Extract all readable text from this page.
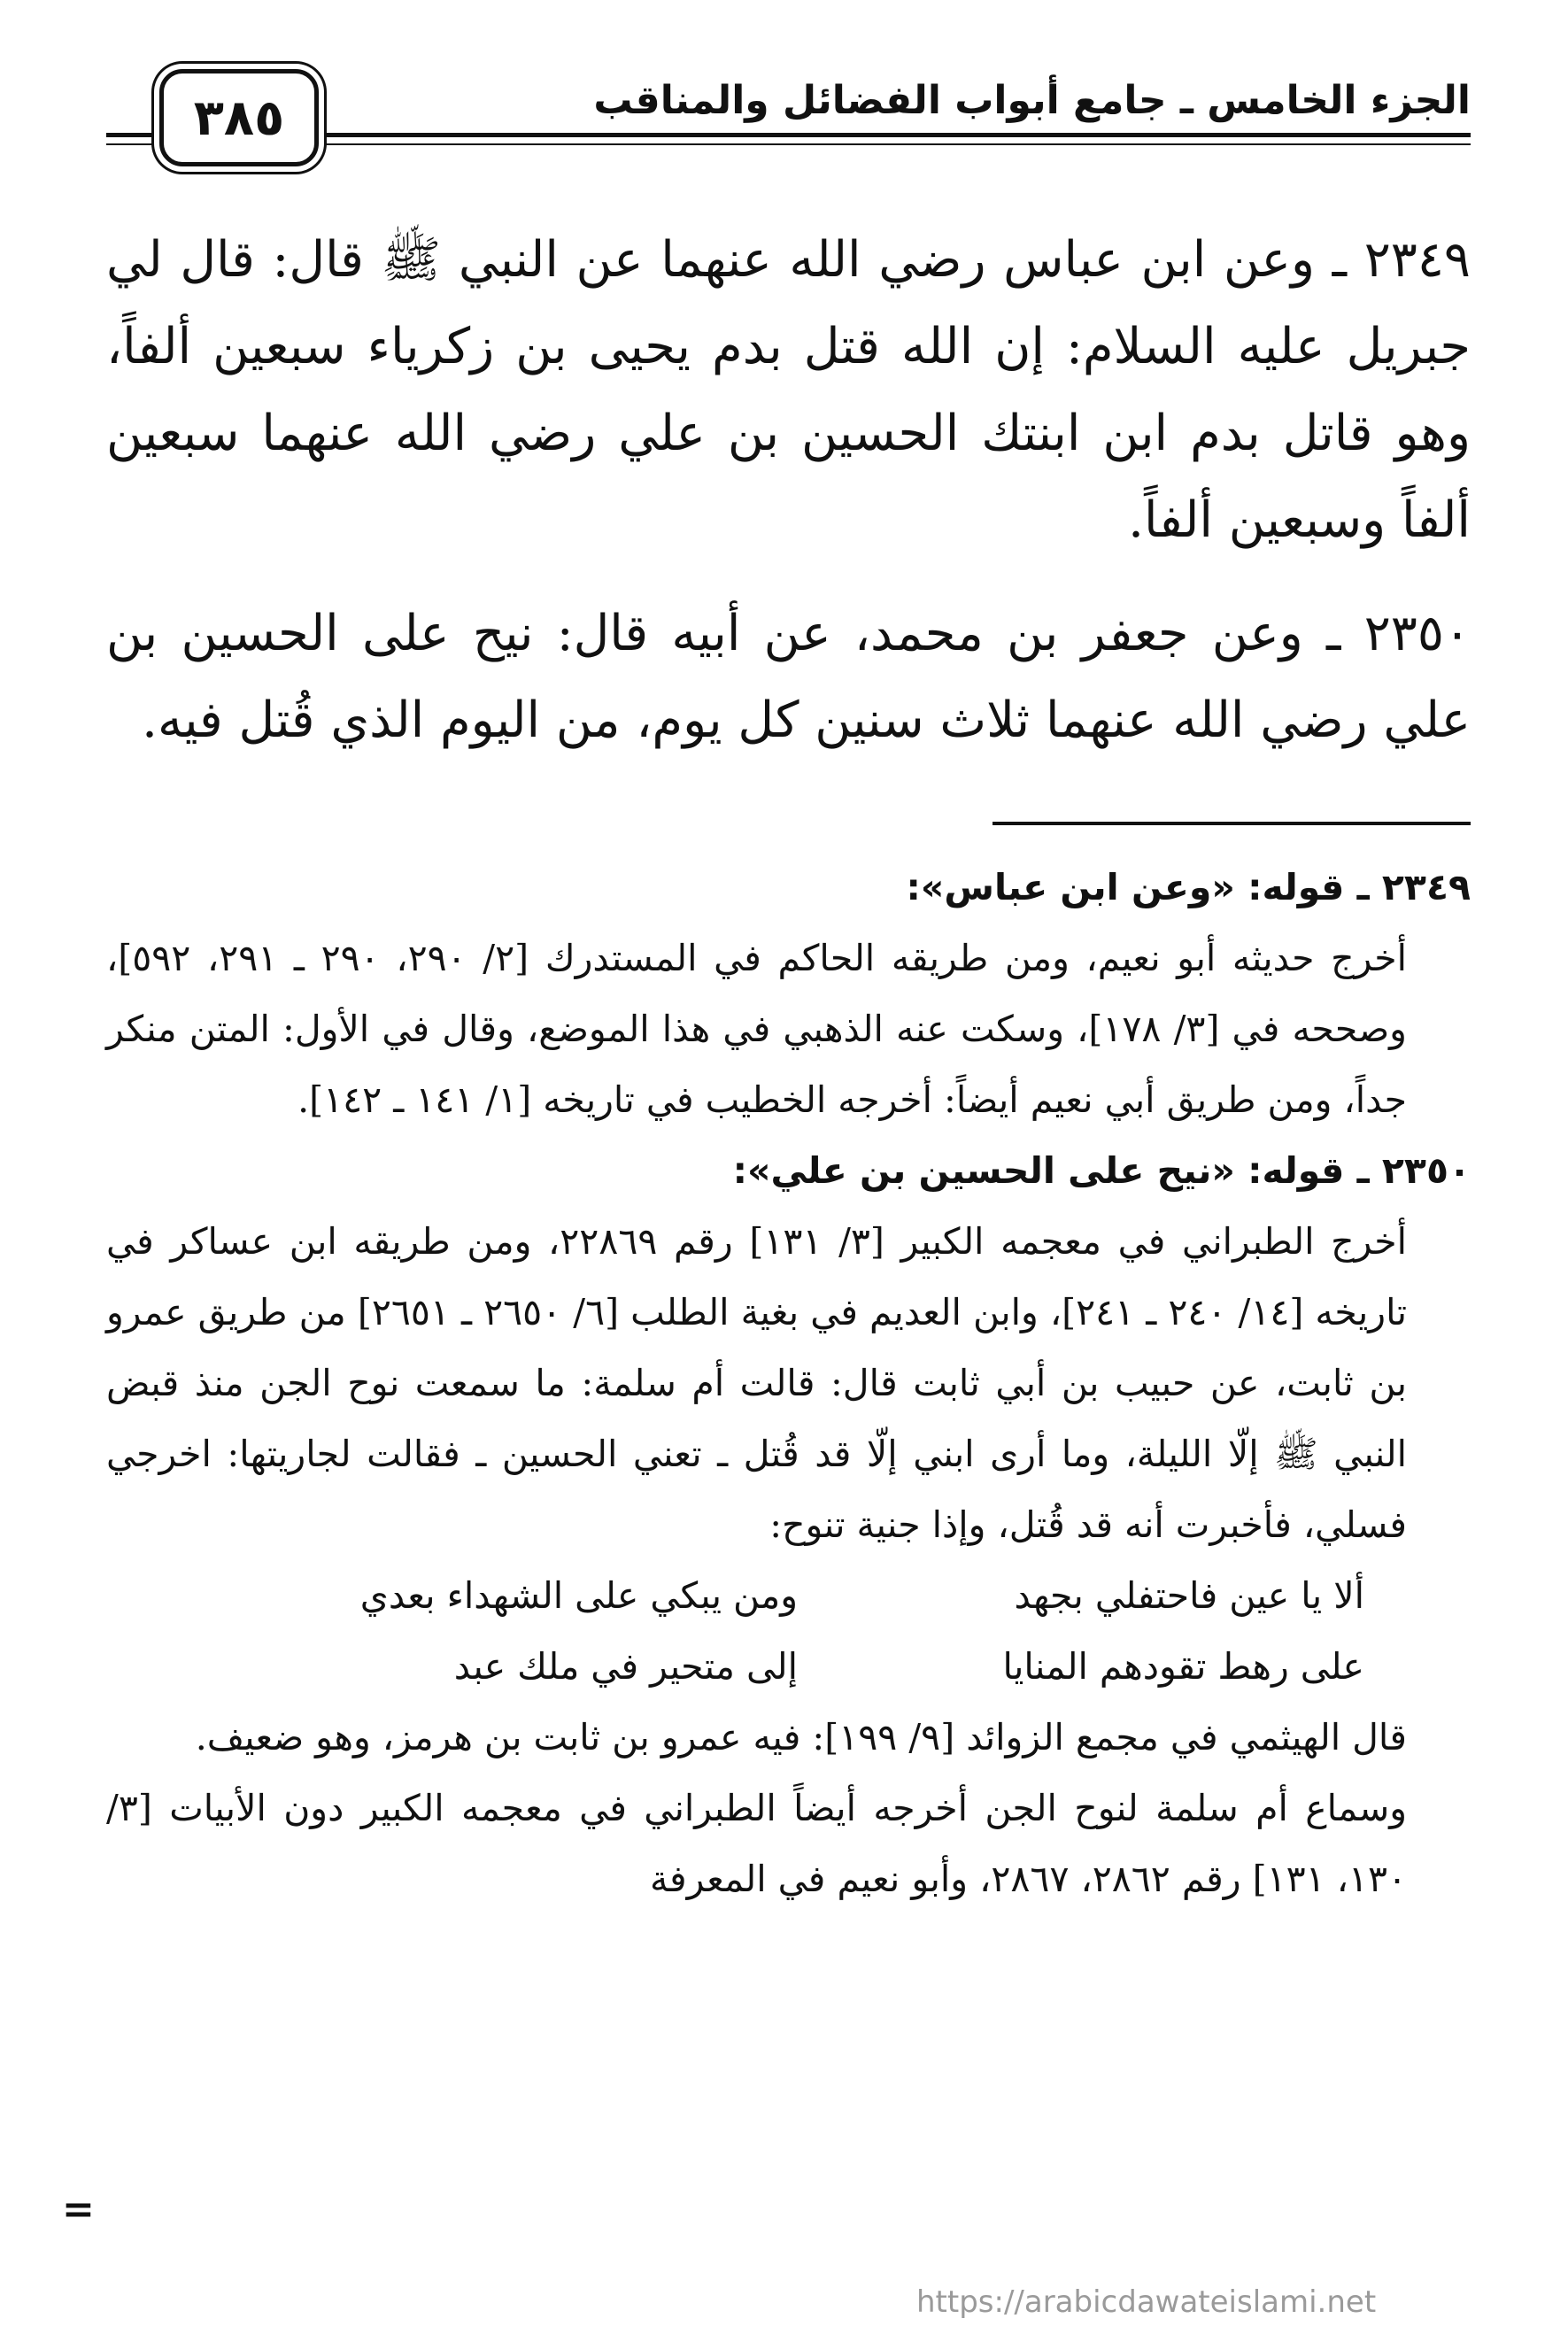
الجزء الخامس ـ جامع أبواب الفضائل والمناقب
٣٨٥

٢٣٤٩ ـ وعن ابن عباس رضي الله عنهما عن النبي ﷺ قال: قال لي جبريل عليه السلام: إن الله قتل بدم يحيى بن زكرياء سبعين ألفاً، وهو قاتل بدم ابن ابنتك الحسين بن علي رضي الله عنهما سبعين ألفاً وسبعين ألفاً.

٢٣٥٠ ـ وعن جعفر بن محمد، عن أبيه قال: نيح على الحسين بن علي رضي الله عنهما ثلاث سنين كل يوم، من اليوم الذي قُتل فيه.

٢٣٤٩ ـ قوله: «وعن ابن عباس»:

أخرج حديثه أبو نعيم، ومن طريقه الحاكم في المستدرك [٢/ ٢٩٠، ٢٩٠ ـ ٢٩١، ٥٩٢]، وصححه في [٣/ ١٧٨]، وسكت عنه الذهبي في هذا الموضع، وقال في الأول: المتن منكر جداً، ومن طريق أبي نعيم أيضاً: أخرجه الخطيب في تاريخه [١/ ١٤١ ـ ١٤٢].

٢٣٥٠ ـ قوله: «نيح على الحسين بن علي»:

أخرج الطبراني في معجمه الكبير [٣/ ١٣١] رقم ٢٢٨٦٩، ومن طريقه ابن عساكر في تاريخه [١٤/ ٢٤٠ ـ ٢٤١]، وابن العديم في بغية الطلب [٦/ ٢٦٥٠ ـ ٢٦٥١] من طريق عمرو بن ثابت، عن حبيب بن أبي ثابت قال: قالت أم سلمة: ما سمعت نوح الجن منذ قبض النبي ﷺ إلّا الليلة، وما أرى ابني إلّا قد قُتل ـ تعني الحسين ـ فقالت لجاريتها: اخرجي فسلي، فأخبرت أنه قد قُتل، وإذا جنية تنوح:

ألا يا عين فاحتفلي بجهد
ومن يبكي على الشهداء بعدي
على رهط تقودهم المنايا
إلى متحير في ملك عبد

قال الهيثمي في مجمع الزوائد [٩/ ١٩٩]: فيه عمرو بن ثابت بن هرمز، وهو ضعيف.

وسماع أم سلمة لنوح الجن أخرجه أيضاً الطبراني في معجمه الكبير دون الأبيات [٣/ ١٣٠، ١٣١] رقم ٢٨٦٢، ٢٨٦٧، وأبو نعيم في المعرفة

=
https://arabicdawateislami.net
